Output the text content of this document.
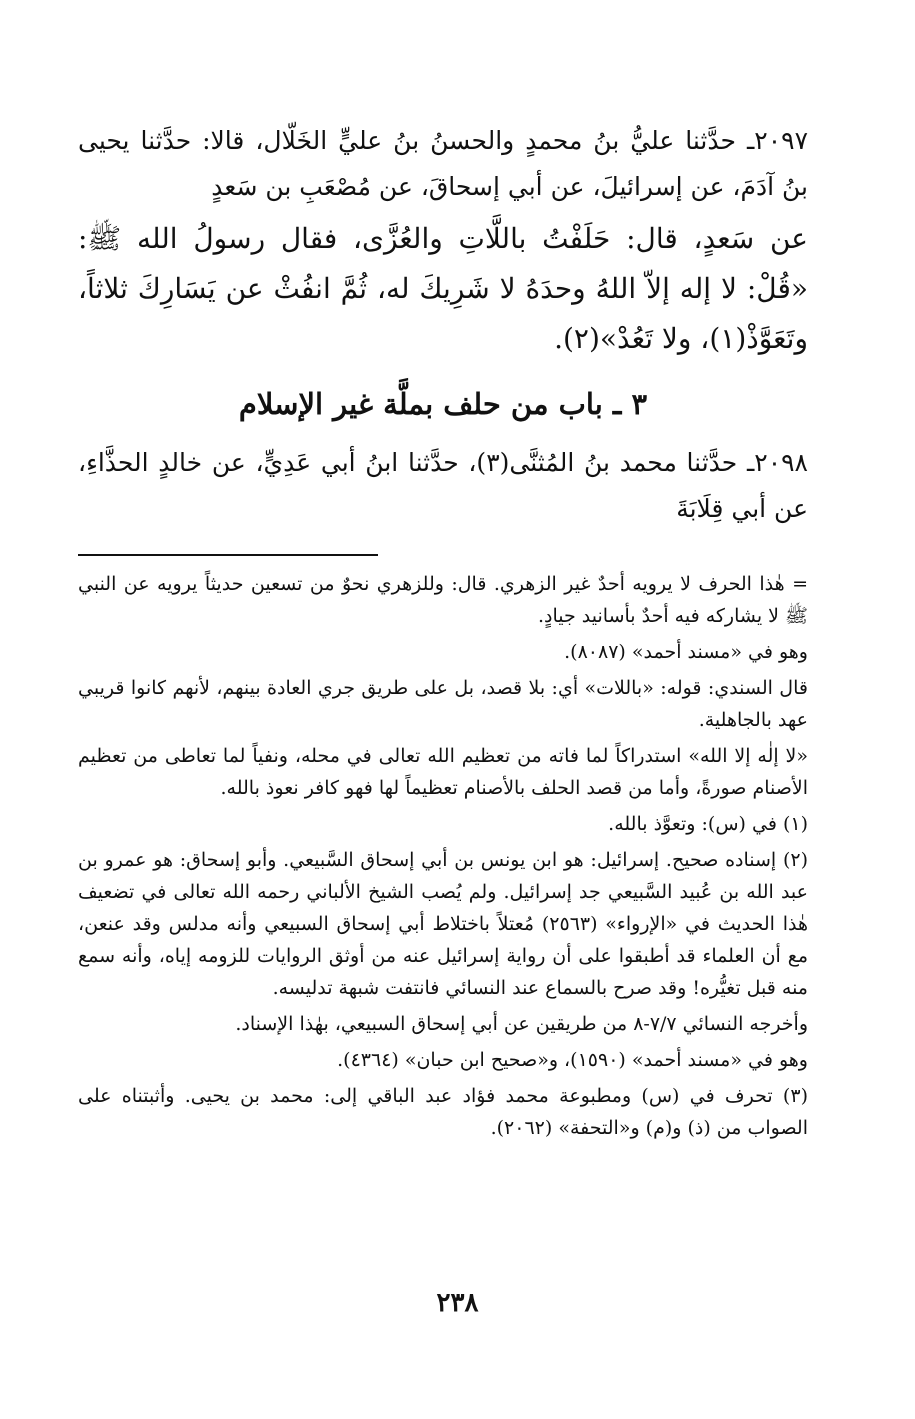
٢٠٩٧ـ حدَّثنا عليُّ بنُ محمدٍ والحسنُ بنُ عليٍّ الخَلّال، قالا: حدَّثنا يحيى بنُ آدَمَ، عن إسرائيلَ، عن أبي إسحاقَ، عن مُصْعَبِ بن سَعدٍ

عن سَعدٍ، قال: حَلَفْتُ باللَّاتِ والعُزَّى، فقال رسولُ الله ﷺ: «قُلْ: لا إله إلاّ اللهُ وحدَهُ لا شَرِيكَ له، ثُمَّ انفُثْ عن يَسَارِكَ ثلاثاً، وتَعَوَّذْ(١)، ولا تَعُدْ»(٢).

٣ ـ باب من حلف بملَّة غير الإسلام

٢٠٩٨ـ حدَّثنا محمد بنُ المُثنَّى(٣)، حدَّثنا ابنُ أبي عَدِيٍّ، عن خالدٍ الحذَّاءِ، عن أبي قِلَابَةَ

= هٰذا الحرف لا يرويه أحدٌ غير الزهري. قال: وللزهري نحوٌ من تسعين حديثاً يرويه عن النبي ﷺ لا يشاركه فيه أحدٌ بأسانيد جيادٍ.

وهو في «مسند أحمد» (٨٠٨٧).

قال السندي: قوله: «باللات» أي: بلا قصد، بل على طريق جري العادة بينهم، لأنهم كانوا قريبي عهد بالجاهلية.

«لا إلٰه إلا الله» استدراكاً لما فاته من تعظيم الله تعالى في محله، ونفياً لما تعاطى من تعظيم الأصنام صورةً، وأما من قصد الحلف بالأصنام تعظيماً لها فهو كافر نعوذ بالله.

(١) في (س): وتعوَّذ بالله.

(٢) إسناده صحيح. إسرائيل: هو ابن يونس بن أبي إسحاق السَّبيعي. وأبو إسحاق: هو عمرو بن عبد الله بن عُبيد السَّبيعي جد إسرائيل. ولم يُصب الشيخ الألباني رحمه الله تعالى في تضعيف هٰذا الحديث في «الإرواء» (٢٥٦٣) مُعتلاً باختلاط أبي إسحاق السبيعي وأنه مدلس وقد عنعن، مع أن العلماء قد أطبقوا على أن رواية إسرائيل عنه من أوثق الروايات للزومه إياه، وأنه سمع منه قبل تغيُّره! وقد صرح بالسماع عند النسائي فانتفت شبهة تدليسه.

وأخرجه النسائي ٧/٧-٨ من طريقين عن أبي إسحاق السبيعي، بهٰذا الإسناد.

وهو في «مسند أحمد» (١٥٩٠)، و«صحيح ابن حبان» (٤٣٦٤).

(٣) تحرف في (س) ومطبوعة محمد فؤاد عبد الباقي إلى: محمد بن يحيى. وأثبتناه على الصواب من (ذ) و(م) و«التحفة» (٢٠٦٢).

٢٣٨
